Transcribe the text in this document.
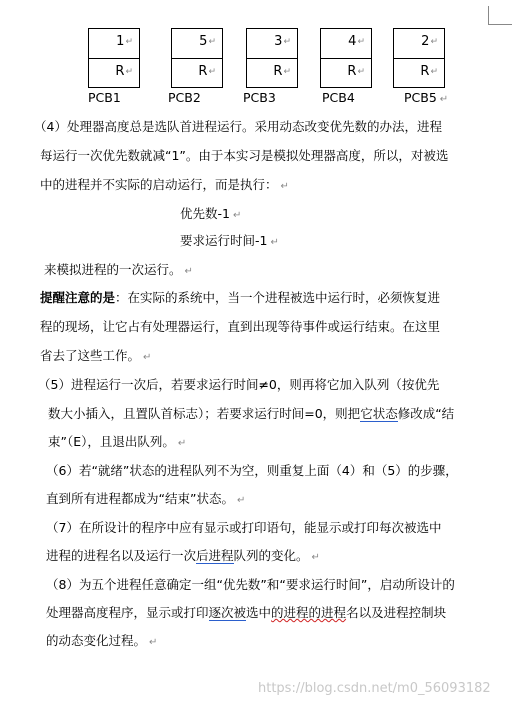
1↵
R↵
5↵
R↵
3↵
R↵
4↵
R↵
2↵
R↵
PCB1	PCB2	PCB3	PCB4	PCB5 ↵
（4）处理器高度总是选队首进程运行。采用动态改变优先数的办法，进程
每运行一次优先数就减“1”。由于本实习是模拟处理器高度，所以，对被选
中的进程并不实际的启动运行，而是执行： ↵
优先数-1 ↵
要求运行时间-1 ↵
来模拟进程的一次运行。 ↵
提醒注意的是：在实际的系统中，当一个进程被选中运行时，必须恢复进
程的现场，让它占有处理器运行，直到出现等待事件或运行结束。在这里
省去了这些工作。 ↵
（5）进程运行一次后，若要求运行时间≠0，则再将它加入队列（按优先
数大小插入，且置队首标志）；若要求运行时间=0，则把它状态修改成“结
束”（E），且退出队列。 ↵
（6）若“就绪”状态的进程队列不为空，则重复上面（4）和（5）的步骤，
直到所有进程都成为“结束”状态。 ↵
（7）在所设计的程序中应有显示或打印语句，能显示或打印每次被选中
进程的进程名以及运行一次后进程队列的变化。 ↵
（8）为五个进程任意确定一组“优先数”和“要求运行时间”，启动所设计的
处理器高度程序，显示或打印逐次被选中的进程的进程名以及进程控制块
的动态变化过程。 ↵
https://blog.csdn.net/m0_56093182
